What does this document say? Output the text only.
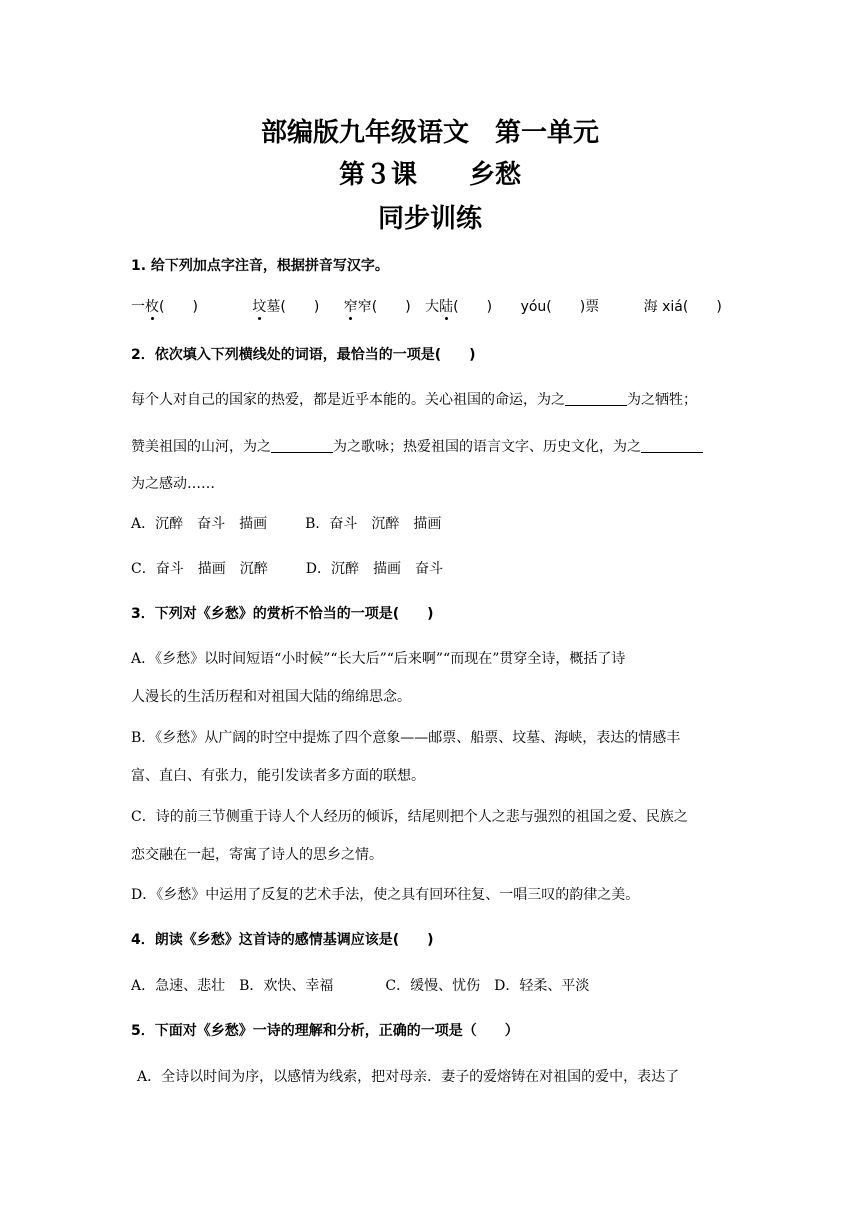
部编版九年级语文　第一单元
第３课　　乡愁
同步训练
1. 给下列加点字注音，根据拼音写汉字。
一枚(　　)	坟墓(　　) 窄窄(　　) 大陆(　　) yóu(　　)票	海 xiá(　　)
2．依次填入下列横线处的词语，最恰当的一项是(　　)
每个人对自己的国家的热爱，都是近乎本能的。关心祖国的命运，为之	为之牺牲；
赞美祖国的山河，为之	为之歌咏；热爱祖国的语言文字、历史文化，为之
为之感动……
A．沉醉　奋斗　描画	B．奋斗　沉醉　描画
C．奋斗　描画　沉醉	D．沉醉　描画　奋斗
3．下列对《乡愁》的赏析不恰当的一项是(　　)
A．《乡愁》以时间短语“小时候”“长大后”“后来啊”“而现在”贯穿全诗，概括了诗
人漫长的生活历程和对祖国大陆的绵绵思念。
B．《乡愁》从广阔的时空中提炼了四个意象——邮票、船票、坟墓、海峡，表达的情感丰
富、直白、有张力，能引发读者多方面的联想。
C．诗的前三节侧重于诗人个人经历的倾诉，结尾则把个人之悲与强烈的祖国之爱、民族之
恋交融在一起，寄寓了诗人的思乡之情。
D．《乡愁》中运用了反复的艺术手法，使之具有回环往复、一唱三叹的韵律之美。
4．朗读《乡愁》这首诗的感情基调应该是(　　)
A．急速、悲壮　B．欢快、幸福	C．缓慢、忧伤　D．轻柔、平淡
5．下面对《乡愁》一诗的理解和分析，正确的一项是（　　）
A．全诗以时间为序，以感情为线索，把对母亲．妻子的爱熔铸在对祖国的爱中，表达了
